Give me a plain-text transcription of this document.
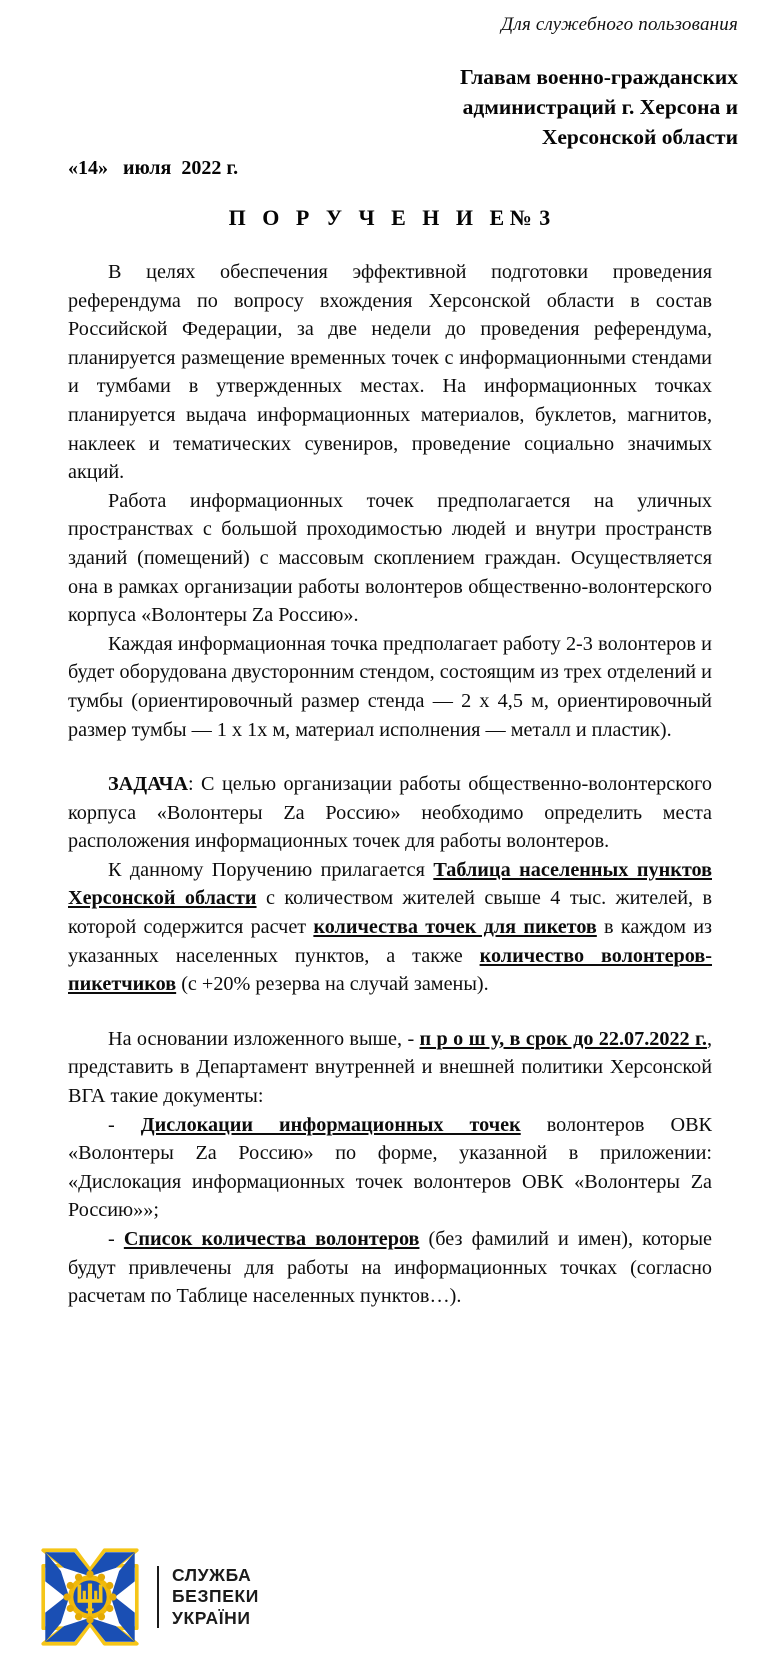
Для служебного пользования
Главам военно-гражданских
администраций г. Херсона и
Херсонской области
«14»   июля  2022 г.
П О Р У Ч Е Н И Е№ 3

В целях обеспечения эффективной подготовки проведения референдума по вопросу вхождения Херсонской области в состав Российской Федерации, за две недели до проведения референдума, планируется размещение временных точек с информационными стендами и тумбами в утвержденных местах. На информационных точках планируется выдача информационных материалов, буклетов, магнитов, наклеек и тематических сувениров, проведение социально значимых акций.

Работа информационных точек предполагается на уличных пространствах с большой проходимостью людей и внутри пространств зданий (помещений) с массовым скоплением граждан. Осуществляется она в рамках организации работы волонтеров общественно-волонтерского корпуса «Волонтеры Za Россию».

Каждая информационная точка предполагает работу 2-3 волонтеров и будет оборудована двусторонним стендом, состоящим из трех отделений и тумбы (ориентировочный размер стенда — 2 х 4,5 м, ориентировочный размер тумбы — 1 х 1х м, материал исполнения — металл и пластик).

ЗАДАЧА: С целью организации работы общественно-волонтерского корпуса «Волонтеры Za Россию» необходимо определить места расположения информационных точек для работы волонтеров.

К данному Поручению прилагается Таблица населенных пунктов Херсонской области с количеством жителей свыше 4 тыс. жителей, в которой содержится расчет количества точек для пикетов в каждом из указанных населенных пунктов, а также количество волонтеров-пикетчиков (с +20% резерва на случай замены).

На основании изложенного выше, - п р о ш у, в срок до 22.07.2022 г., представить в Департамент внутренней и внешней политики Херсонской ВГА такие документы:

- Дислокации информационных точек волонтеров ОВК «Волонтеры Za Россию» по форме, указанной в приложении: «Дислокация информационных точек волонтеров ОВК «Волонтеры Za Россию»»;

- Список количества волонтеров (без фамилий и имен), которые будут привлечены для работы на информационных точках (согласно расчетам по Таблице населенных пунктов…).

СЛУЖБА
БЕЗПЕКИ
УКРАЇНИ
